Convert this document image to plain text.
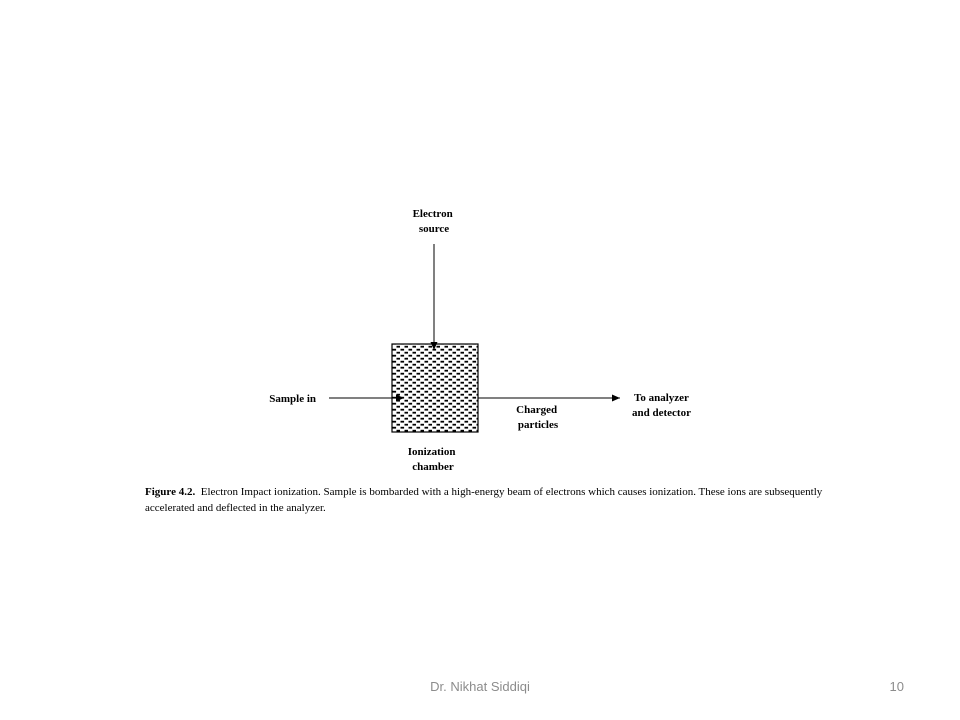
Electron source
Sample in	To analyzer and detector
Charged particles
Ionization chamber
Figure 4.2. Electron Impact ionization. Sample is bombarded with a high-energy beam of electrons which causes ionization. These ions are subsequently accelerated and deflected in the analyzer.
Dr. Nikhat Siddiqi	10
